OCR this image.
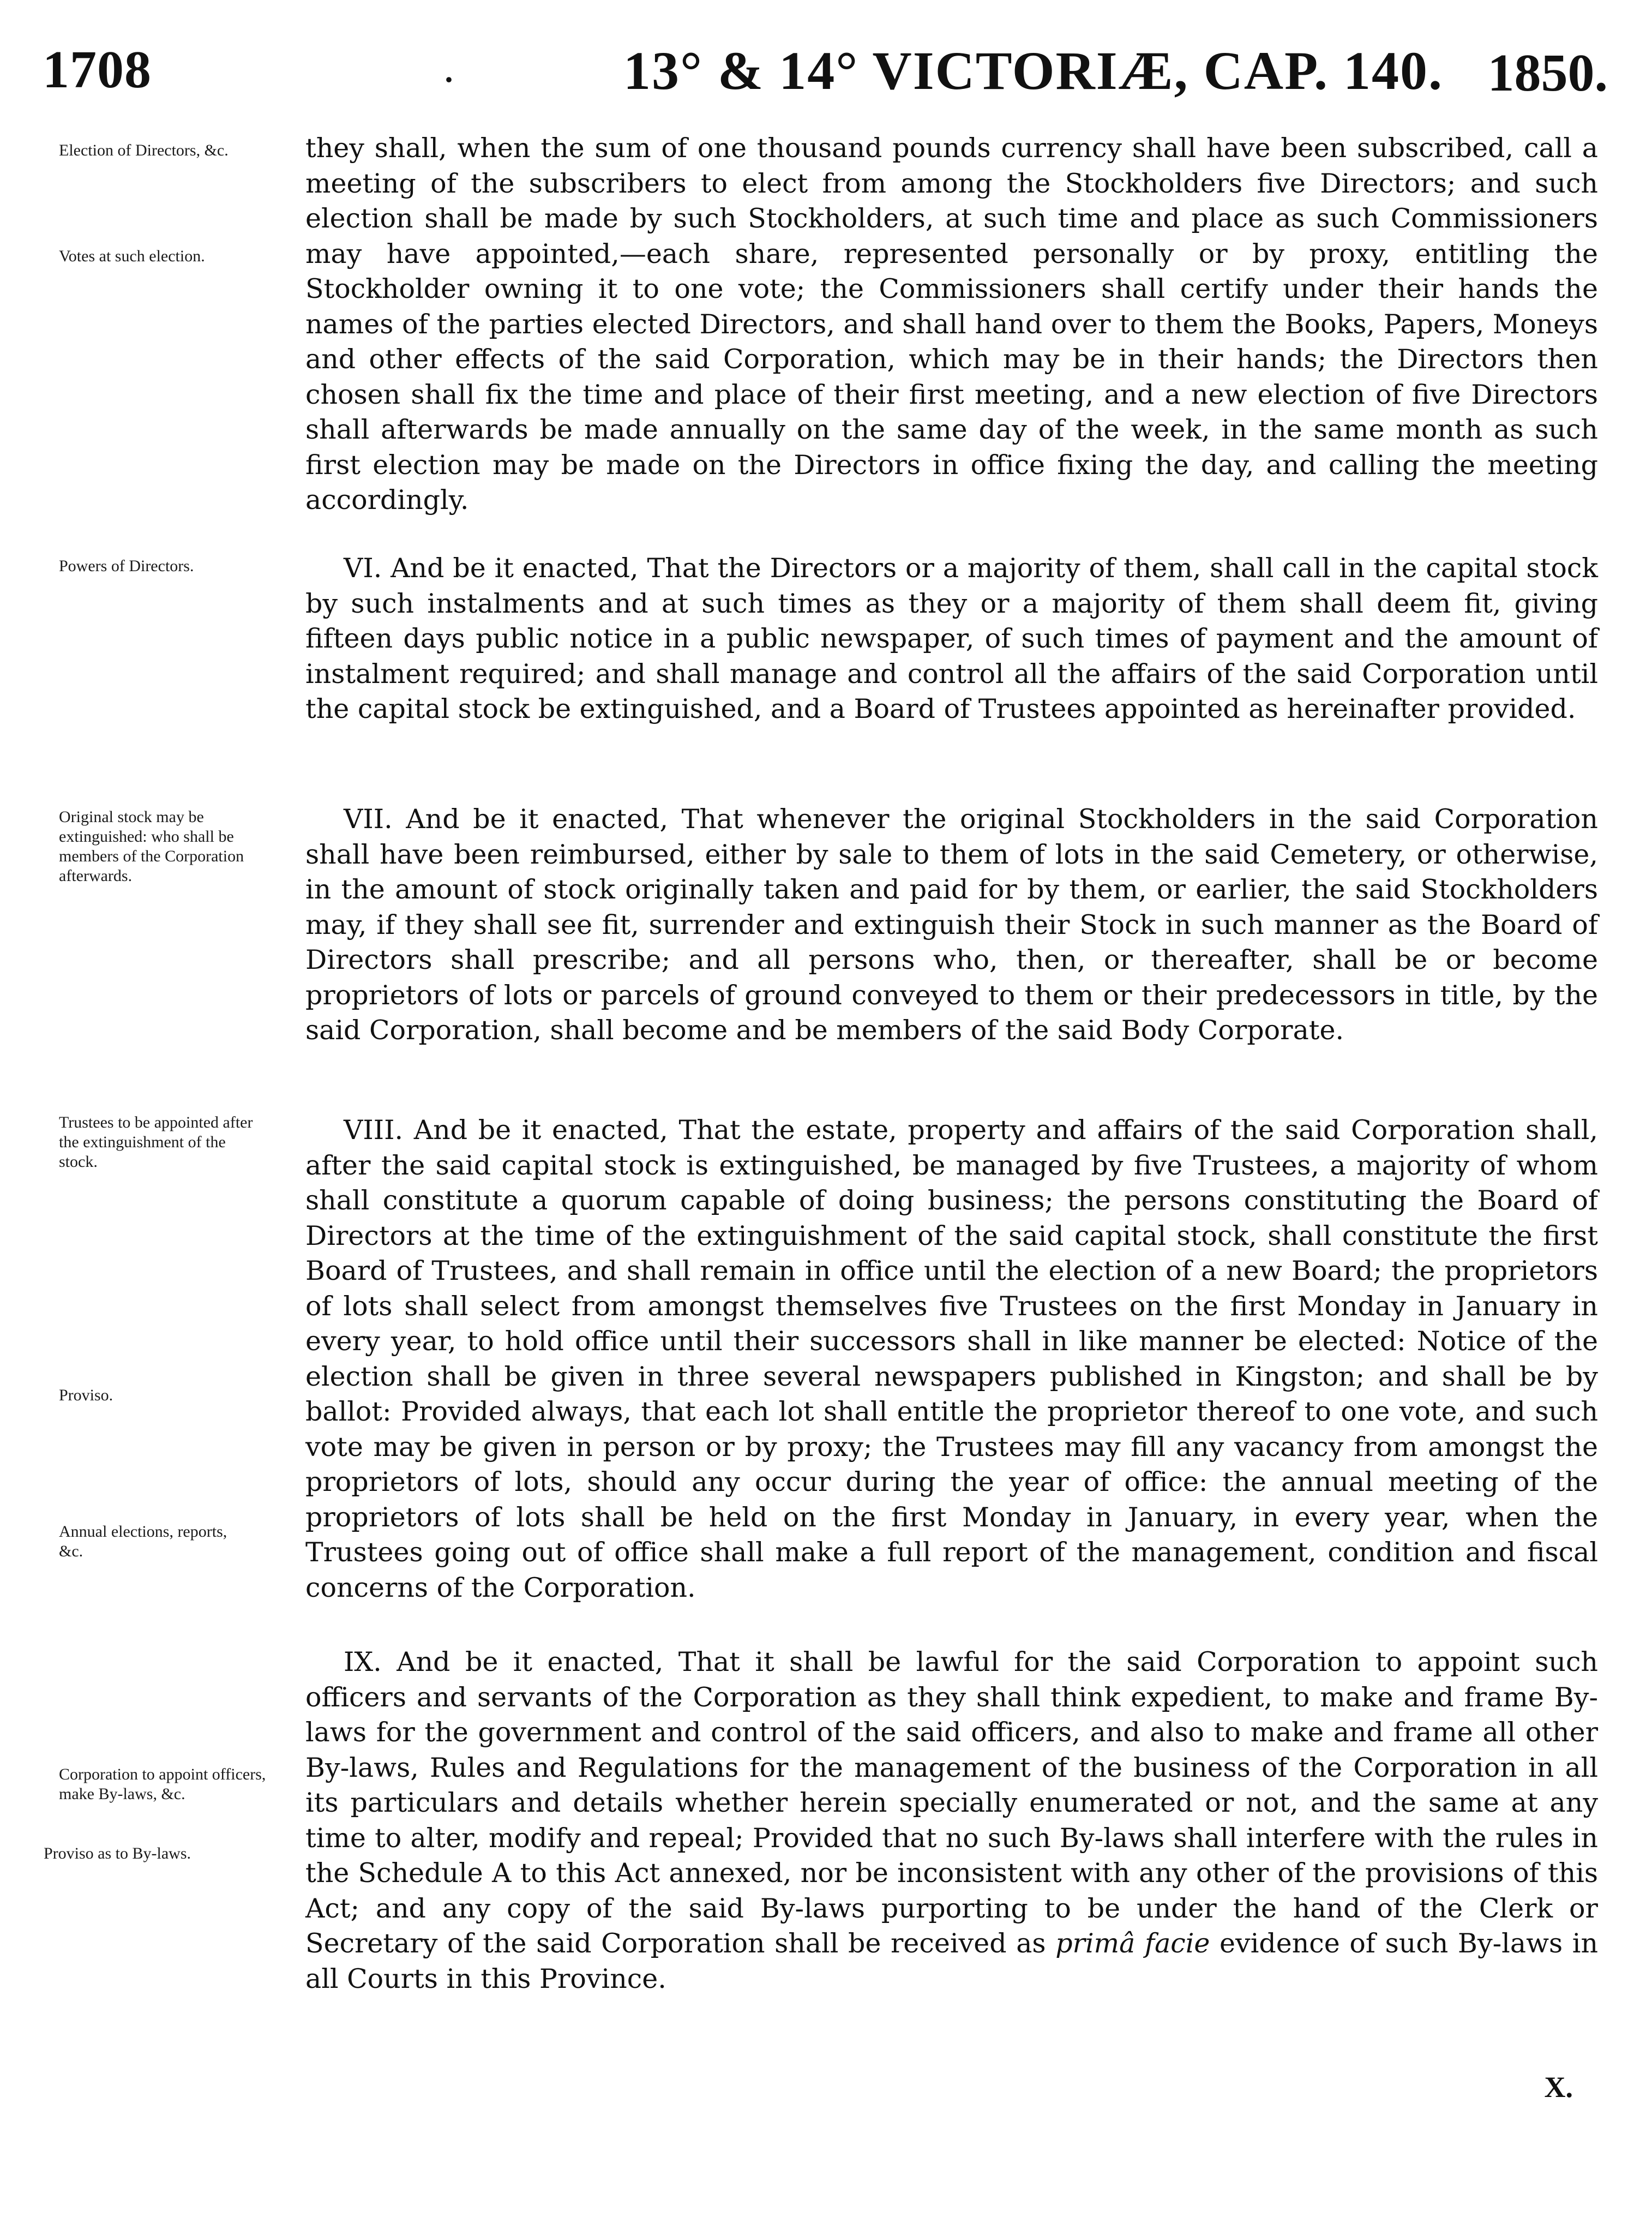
1708	·	13° & 14° VICTORIÆ, CAP. 140. 1850.
Election of Directors, &c.
Votes at such election.
Powers of Directors.
Original stock may be extinguished: who shall be members of the Corporation afterwards.
Trustees to be appointed after the extinguishment of the stock.
Proviso.
Annual elections, reports, &c.
Corporation to appoint officers, make By-laws, &c.
Proviso as to By-laws.

they shall, when the sum of one thousand pounds currency shall have been subscribed, call a meeting of the subscribers to elect from among the Stockholders five Directors; and such election shall be made by such Stockholders, at such time and place as such Commissioners may have appointed,—each share, represented personally or by proxy, entitling the Stockholder owning it to one vote; the Commissioners shall certify under their hands the names of the parties elected Directors, and shall hand over to them the Books, Papers, Moneys and other effects of the said Corporation, which may be in their hands; the Directors then chosen shall fix the time and place of their first meeting, and a new election of five Directors shall afterwards be made annually on the same day of the week, in the same month as such first election may be made on the Directors in office fixing the day, and calling the meeting accordingly.

VI. And be it enacted, That the Directors or a majority of them, shall call in the capital stock by such instalments and at such times as they or a majority of them shall deem fit, giving fifteen days public notice in a public newspaper, of such times of payment and the amount of instalment required; and shall manage and control all the affairs of the said Corporation until the capital stock be extinguished, and a Board of Trustees appointed as hereinafter provided.

VII. And be it enacted, That whenever the original Stockholders in the said Corporation shall have been reimbursed, either by sale to them of lots in the said Cemetery, or otherwise, in the amount of stock originally taken and paid for by them, or earlier, the said Stockholders may, if they shall see fit, surrender and extinguish their Stock in such manner as the Board of Directors shall prescribe; and all persons who, then, or thereafter, shall be or become proprietors of lots or parcels of ground conveyed to them or their predecessors in title, by the said Corporation, shall become and be members of the said Body Corporate.

VIII. And be it enacted, That the estate, property and affairs of the said Corporation shall, after the said capital stock is extinguished, be managed by five Trustees, a majority of whom shall constitute a quorum capable of doing business; the persons constituting the Board of Directors at the time of the extinguishment of the said capital stock, shall constitute the first Board of Trustees, and shall remain in office until the election of a new Board; the proprietors of lots shall select from amongst themselves five Trustees on the first Monday in January in every year, to hold office until their successors shall in like manner be elected: Notice of the election shall be given in three several newspapers published in Kingston; and shall be by ballot: Provided always, that each lot shall entitle the proprietor thereof to one vote, and such vote may be given in person or by proxy; the Trustees may fill any vacancy from amongst the proprietors of lots, should any occur during the year of office: the annual meeting of the proprietors of lots shall be held on the first Monday in January, in every year, when the Trustees going out of office shall make a full report of the management, condition and fiscal concerns of the Corporation.

IX. And be it enacted, That it shall be lawful for the said Corporation to appoint such officers and servants of the Corporation as they shall think expedient, to make and frame By-laws for the government and control of the said officers, and also to make and frame all other By-laws, Rules and Regulations for the management of the business of the Corporation in all its particulars and details whether herein specially enumerated or not, and the same at any time to alter, modify and repeal; Provided that no such By-laws shall interfere with the rules in the Schedule A to this Act annexed, nor be inconsistent with any other of the provisions of this Act; and any copy of the said By-laws purporting to be under the hand of the Clerk or Secretary of the said Corporation shall be received as primâ facie evidence of such By-laws in all Courts in this Province.

X.
